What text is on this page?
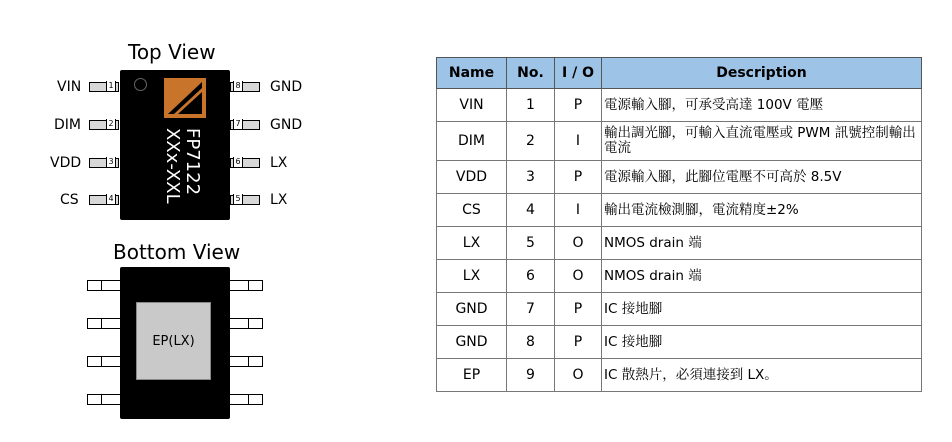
Top View
VIN	1
DIM	2
VDD	3
CS	4
FP7122
XXx-XXL
8 GND
7 GND
6 LX
5 LX
Bottom View
EP(LX)
Name	No.	I / O	Description
VIN	1	P	電源輸入腳，可承受高達 100V 電壓
DIM	2	I	輸出調光腳，可輸入直流電壓或 PWM 訊號控制輸出電流
VDD	3	P	電源輸入腳，此腳位電壓不可高於 8.5V
CS	4	I	輸出電流檢測腳，電流精度±2%
LX	5	O	NMOS drain 端
LX	6	O	NMOS drain 端
GND	7	P	IC 接地腳
GND	8	P	IC 接地腳
EP	9	O	IC 散熱片，必須連接到 LX。
